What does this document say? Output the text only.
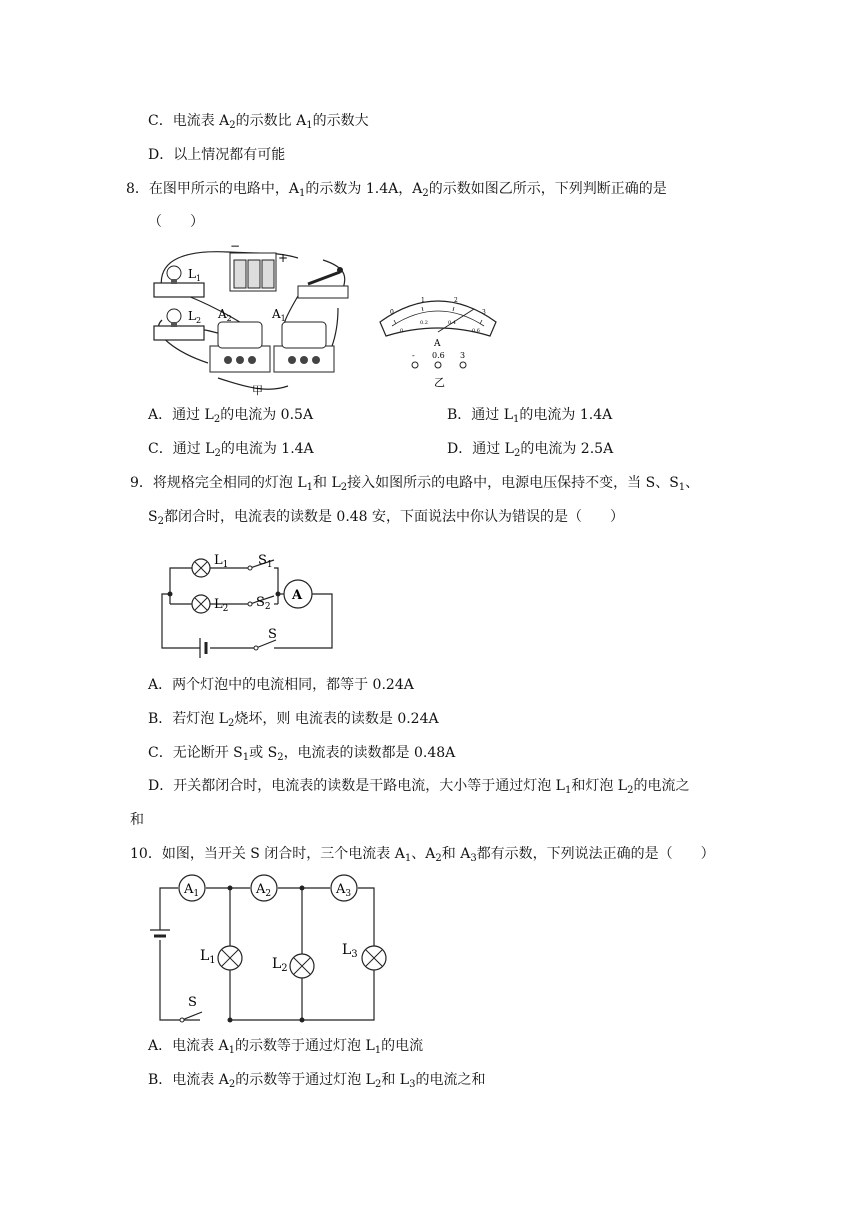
C．电流表 $A_2$的示数比 $A_1$的示数大
D．以上情况都有可能
8．在图甲所示的电路中，$A_1$的示数为 1.4A，$A_2$的示数如图乙所示，下列判断正确的是
（　　）
$L_1$
$L_2$ $A_2$	$A_1$
−
+
甲
0
1	2
3
0
0.2	0.4
0.6
A
- 0.6 3
乙
A．通过 $L_2$的电流为 0.5A	B．通过 $L_1$的电流为 1.4A
C．通过 $L_2$的电流为 1.4A	D．通过 $L_2$的电流为 2.5A
9．将规格完全相同的灯泡 $L_1$和 $L_2$接入如图所示的电路中，电源电压保持不变，当 S、$S_1$、
$S_2$都闭合时，电流表的读数是 0.48 安，下面说法中你认为错误的是（　　）
$L_1$ $S_1$
$L_2$ $S_2$
A
S
A．两个灯泡中的电流相同，都等于 0.24A
B．若灯泡 $L_2$烧坏，则 电流表的读数是 0.24A
C．无论断开 $S_1$或 $S_2$，电流表的读数都是 0.48A
D．开关都闭合时，电流表的读数是干路电流，大小等于通过灯泡 $L_1$和灯泡 $L_2$的电流之
和
10．如图，当开关 S 闭合时，三个电流表 $A_1$、$A_2$和 $A_3$都有示数，下列说法正确的是（　　）
$A_1$	$A_2$	$A_3$
$L_1$	$L_2$
$L_3$
S
A．电流表 $A_1$的示数等于通过灯泡 $L_1$的电流
B．电流表 $A_2$的示数等于通过灯泡 $L_2$和 $L_3$的电流之和
